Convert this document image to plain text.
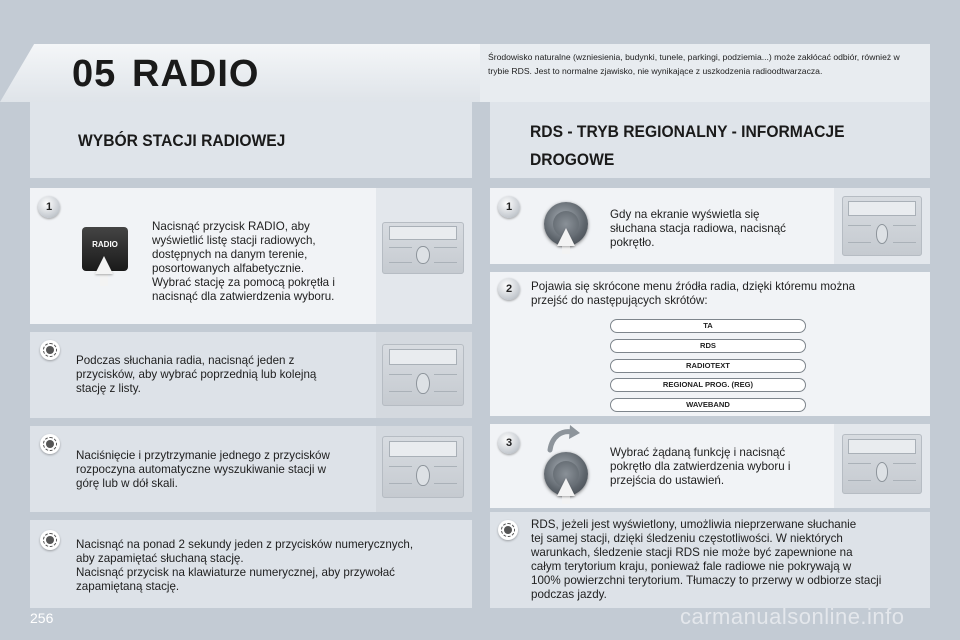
05 RADIO	Środowisko naturalne (wzniesienia, budynki, tunele, parkingi, podziemia...) może zakłócać odbiór, również w trybie RDS. Jest to normalne zjawisko, nie wynikające z uszkodzenia radioodtwarzacza.
WYBÓR STACJI RADIOWEJ	RDS - TRYB REGIONALNY - INFORMACJE DROGOWE
1
RADIO
Nacisnąć przycisk RADIO, aby
wyświetlić listę stacji radiowych,
dostępnych na danym terenie,
posortowanych alfabetycznie.
Wybrać stację za pomocą pokrętła i
nacisnąć dla zatwierdzenia wyboru.
Podczas słuchania radia, nacisnąć jeden z
przycisków, aby wybrać poprzednią lub kolejną
stację z listy.
Naciśnięcie i przytrzymanie jednego z przycisków
rozpoczyna automatyczne wyszukiwanie stacji w
górę lub w dół skali.
Nacisnąć na ponad 2 sekundy jeden z przycisków numerycznych,
aby zapamiętać słuchaną stację.
Nacisnąć przycisk na klawiaturze numerycznej, aby przywołać
zapamiętaną stację.
1
Gdy na ekranie wyświetla się
słuchana stacja radiowa, nacisnąć
pokrętło.
2	Pojawia się skrócone menu źródła radia, dzięki któremu można
przejść do następujących skrótów:
TA
RDS
RADIOTEXT
REGIONAL PROG. (REG)
WAVEBAND
3
Wybrać żądaną funkcję i nacisnąć
pokrętło dla zatwierdzenia wyboru i
przejścia do ustawień.
RDS, jeżeli jest wyświetlony, umożliwia nieprzerwane słuchanie
tej samej stacji, dzięki śledzeniu częstotliwości. W niektórych
warunkach, śledzenie stacji RDS nie może być zapewnione na
całym terytorium kraju, ponieważ fale radiowe nie pokrywają w
100% powierzchni terytorium. Tłumaczy to przerwy w odbiorze stacji
podczas jazdy.
256	carmanualsonline.info
